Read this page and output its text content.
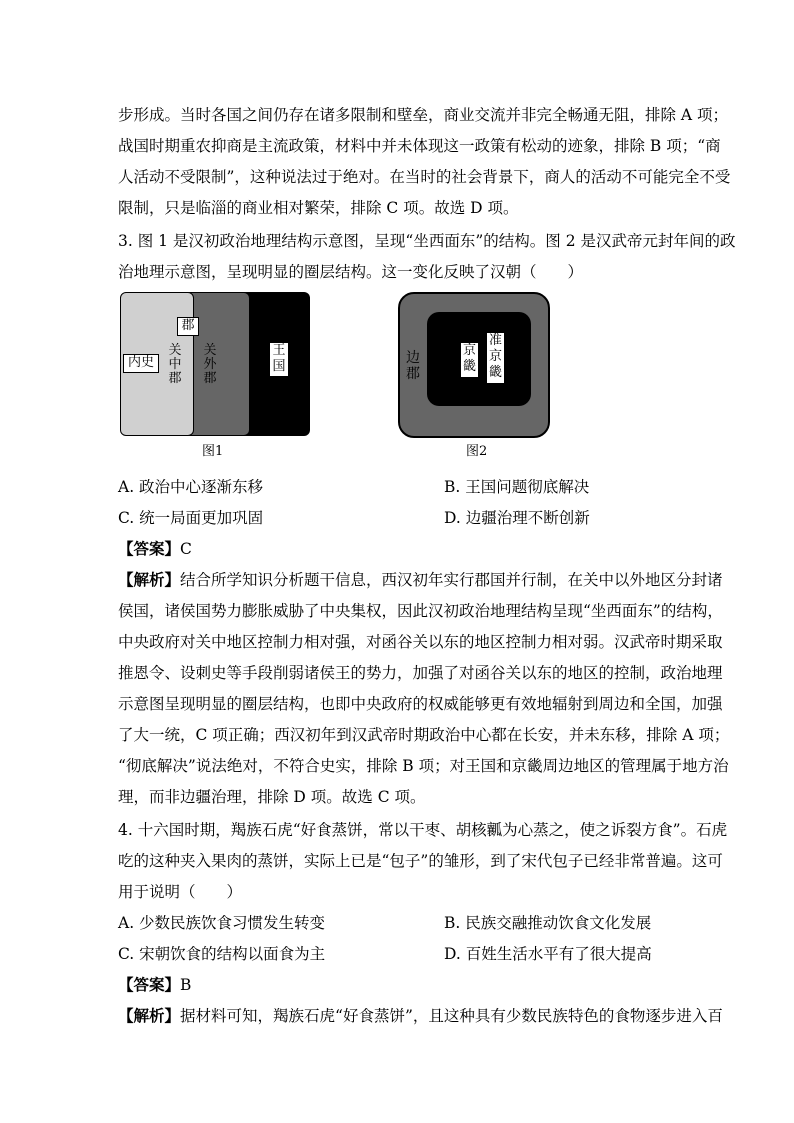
步形成。当时各国之间仍存在诸多限制和壁垒，商业交流并非完全畅通无阻，排除 A 项；
战国时期重农抑商是主流政策，材料中并未体现这一政策有松动的迹象，排除 B 项；“商
人活动不受限制”，这种说法过于绝对。在当时的社会背景下，商人的活动不可能完全不受
限制，只是临淄的商业相对繁荣，排除 C 项。故选 D 项。
3. 图 1 是汉初政治地理结构示意图，呈现“坐西面东”的结构。图 2 是汉武帝元封年间的政
治地理示意图，呈现明显的圈层结构。这一变化反映了汉朝（　　）
内史
郡
关中郡
关外郡
王国
图1
边郡
京畿
准京畿
图2
A. 政治中心逐渐东移	B. 王国问题彻底解决
C. 统一局面更加巩固	D. 边疆治理不断创新
【答案】C
【解析】结合所学知识分析题干信息，西汉初年实行郡国并行制，在关中以外地区分封诸
侯国，诸侯国势力膨胀威胁了中央集权，因此汉初政治地理结构呈现“坐西面东”的结构，
中央政府对关中地区控制力相对强，对函谷关以东的地区控制力相对弱。汉武帝时期采取
推恩令、设刺史等手段削弱诸侯王的势力，加强了对函谷关以东的地区的控制，政治地理
示意图呈现明显的圈层结构，也即中央政府的权威能够更有效地辐射到周边和全国，加强
了大一统，C 项正确；西汉初年到汉武帝时期政治中心都在长安，并未东移，排除 A 项；
“彻底解决”说法绝对，不符合史实，排除 B 项；对王国和京畿周边地区的管理属于地方治
理，而非边疆治理，排除 D 项。故选 C 项。
4. 十六国时期，羯族石虎“好食蒸饼，常以干枣、胡核瓤为心蒸之，使之诉裂方食”。石虎
吃的这种夹入果肉的蒸饼，实际上已是“包子”的雏形，到了宋代包子已经非常普遍。这可
用于说明（　　）
A. 少数民族饮食习惯发生转变	B. 民族交融推动饮食文化发展
C. 宋朝饮食的结构以面食为主	D. 百姓生活水平有了很大提高
【答案】B
【解析】据材料可知，羯族石虎“好食蒸饼”，且这种具有少数民族特色的食物逐步进入百
